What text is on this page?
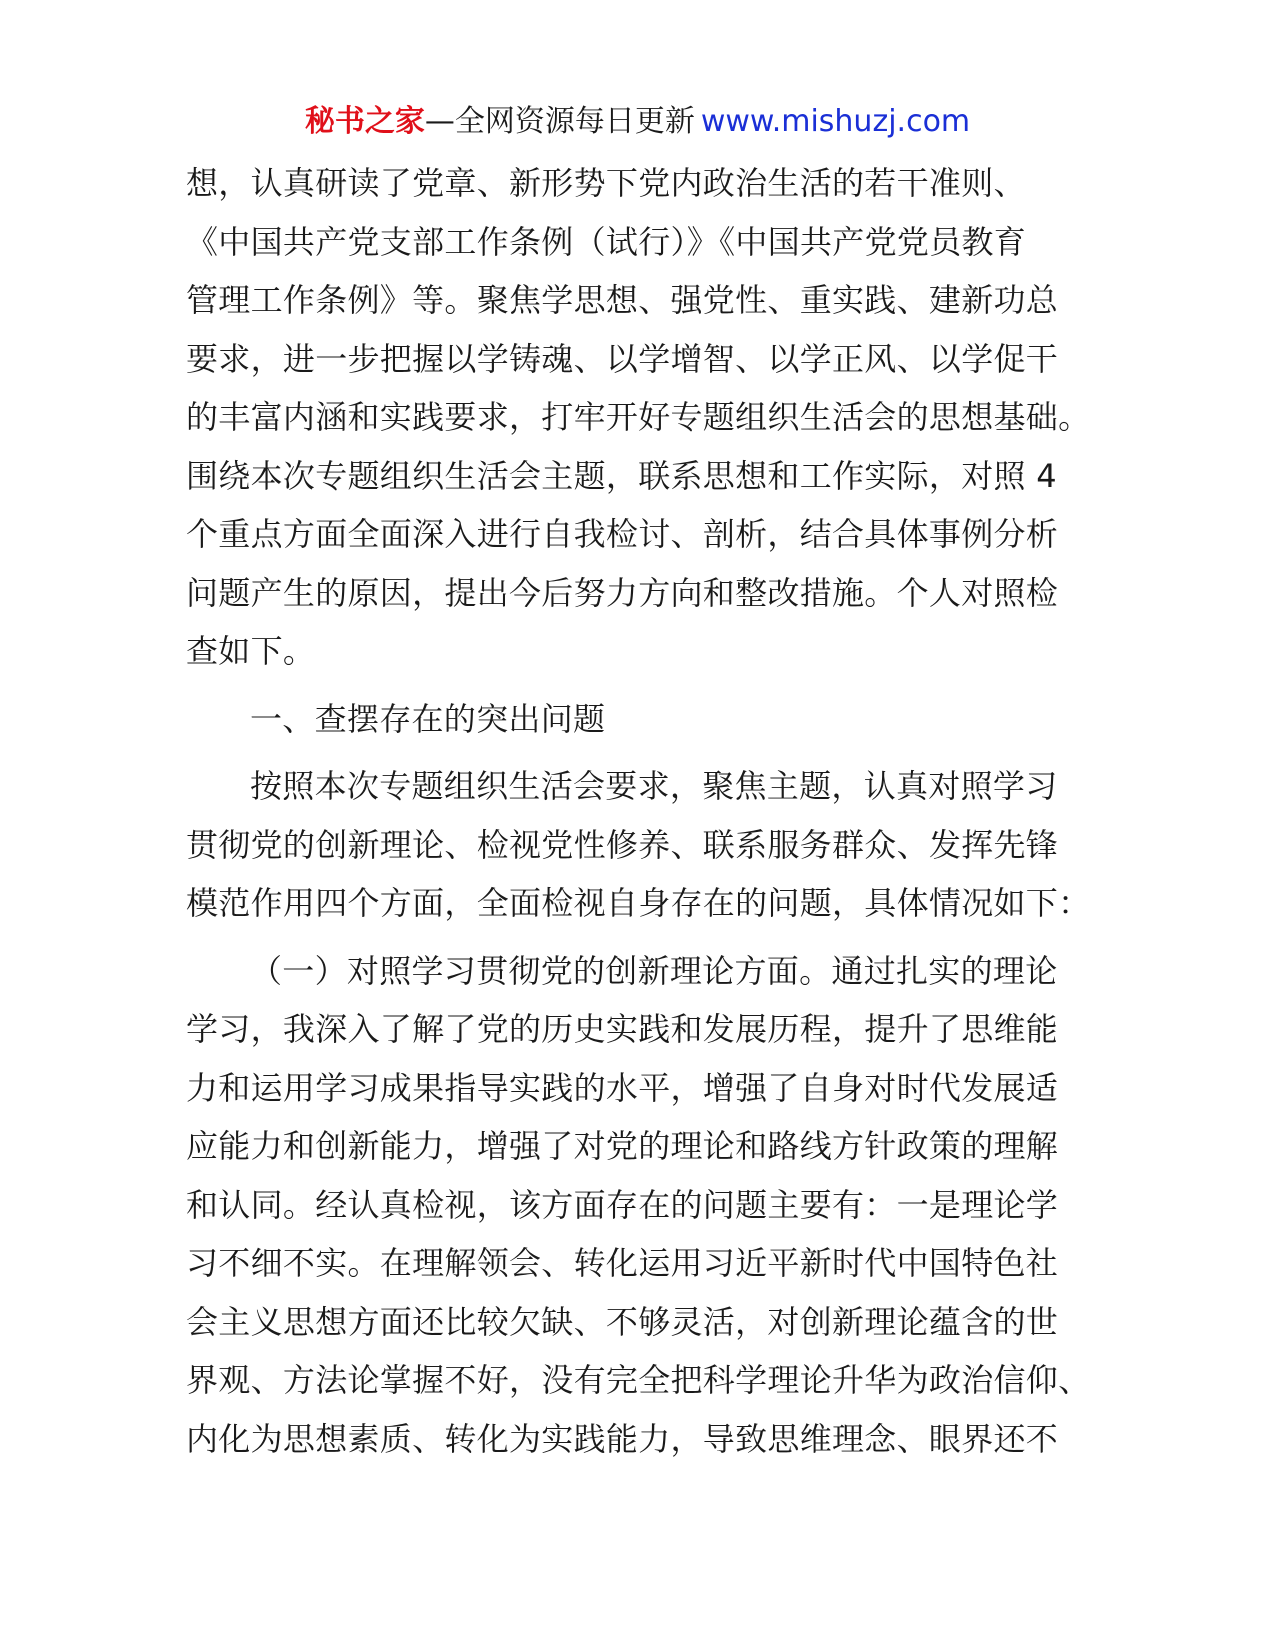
秘书之家—全网资源每日更新 www.mishuzj.com

想，认真研读了党章、新形势下党内政治生活的若干准则、
《中国共产党支部工作条例（试行）》《中国共产党党员教育
管理工作条例》等。聚焦学思想、强党性、重实践、建新功总
要求，进一步把握以学铸魂、以学增智、以学正风、以学促干
的丰富内涵和实践要求，打牢开好专题组织生活会的思想基础。
围绕本次专题组织生活会主题，联系思想和工作实际，对照 4
个重点方面全面深入进行自我检讨、剖析，结合具体事例分析
问题产生的原因，提出今后努力方向和整改措施。个人对照检
查如下。

一、查摆存在的突出问题

按照本次专题组织生活会要求，聚焦主题，认真对照学习
贯彻党的创新理论、检视党性修养、联系服务群众、发挥先锋
模范作用四个方面，全面检视自身存在的问题，具体情况如下：

（一）对照学习贯彻党的创新理论方面。通过扎实的理论
学习，我深入了解了党的历史实践和发展历程，提升了思维能
力和运用学习成果指导实践的水平，增强了自身对时代发展适
应能力和创新能力，增强了对党的理论和路线方针政策的理解
和认同。经认真检视，该方面存在的问题主要有：一是理论学
习不细不实。在理解领会、转化运用习近平新时代中国特色社
会主义思想方面还比较欠缺、不够灵活，对创新理论蕴含的世
界观、方法论掌握不好，没有完全把科学理论升华为政治信仰、
内化为思想素质、转化为实践能力，导致思维理念、眼界还不
